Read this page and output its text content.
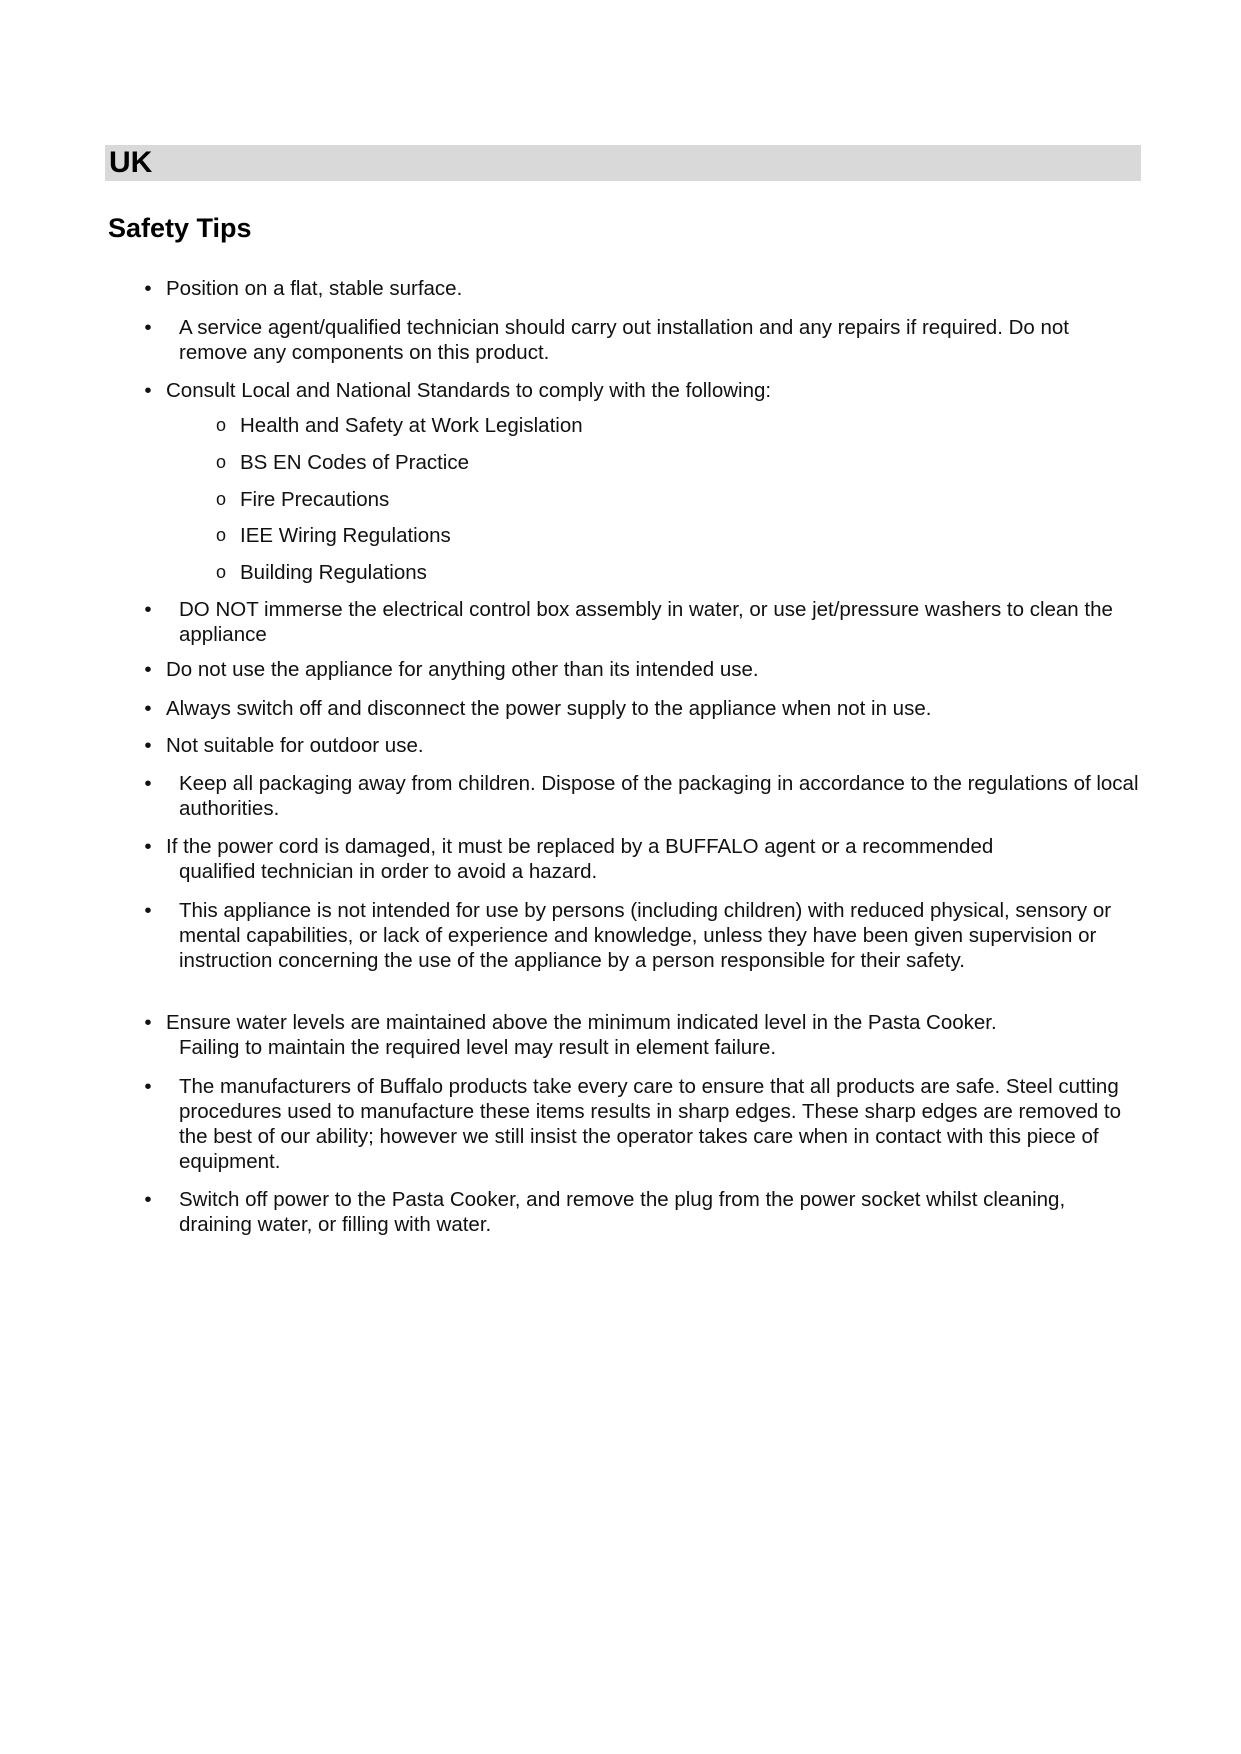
UK
Safety Tips
• Position on a flat, stable surface.
• A service agent/qualified technician should carry out installation and any repairs if required. Do not remove any components on this product.
• Consult Local and National Standards to comply with the following:
o Health and Safety at Work Legislation
o BS EN Codes of Practice
o Fire Precautions
o IEE Wiring Regulations
o Building Regulations
• DO NOT immerse the electrical control box assembly in water, or use jet/pressure washers to clean the appliance
• Do not use the appliance for anything other than its intended use.
• Always switch off and disconnect the power supply to the appliance when not in use.
• Not suitable for outdoor use.
• Keep all packaging away from children. Dispose of the packaging in accordance to the regulations of local authorities.
• If the power cord is damaged, it must be replaced by a BUFFALO agent or a recommended
qualified technician in order to avoid a hazard.
• This appliance is not intended for use by persons (including children) with reduced physical, sensory or mental capabilities, or lack of experience and knowledge, unless they have been given supervision or instruction concerning the use of the appliance by a person responsible for their safety.
• Ensure water levels are maintained above the minimum indicated level in the Pasta Cooker.
Failing to maintain the required level may result in element failure.
• The manufacturers of Buffalo products take every care to ensure that all products are safe. Steel cutting procedures used to manufacture these items results in sharp edges. These sharp edges are removed to the best of our ability; however we still insist the operator takes care when in contact with this piece of equipment.
• Switch off power to the Pasta Cooker, and remove the plug from the power socket whilst cleaning, draining water, or filling with water.
